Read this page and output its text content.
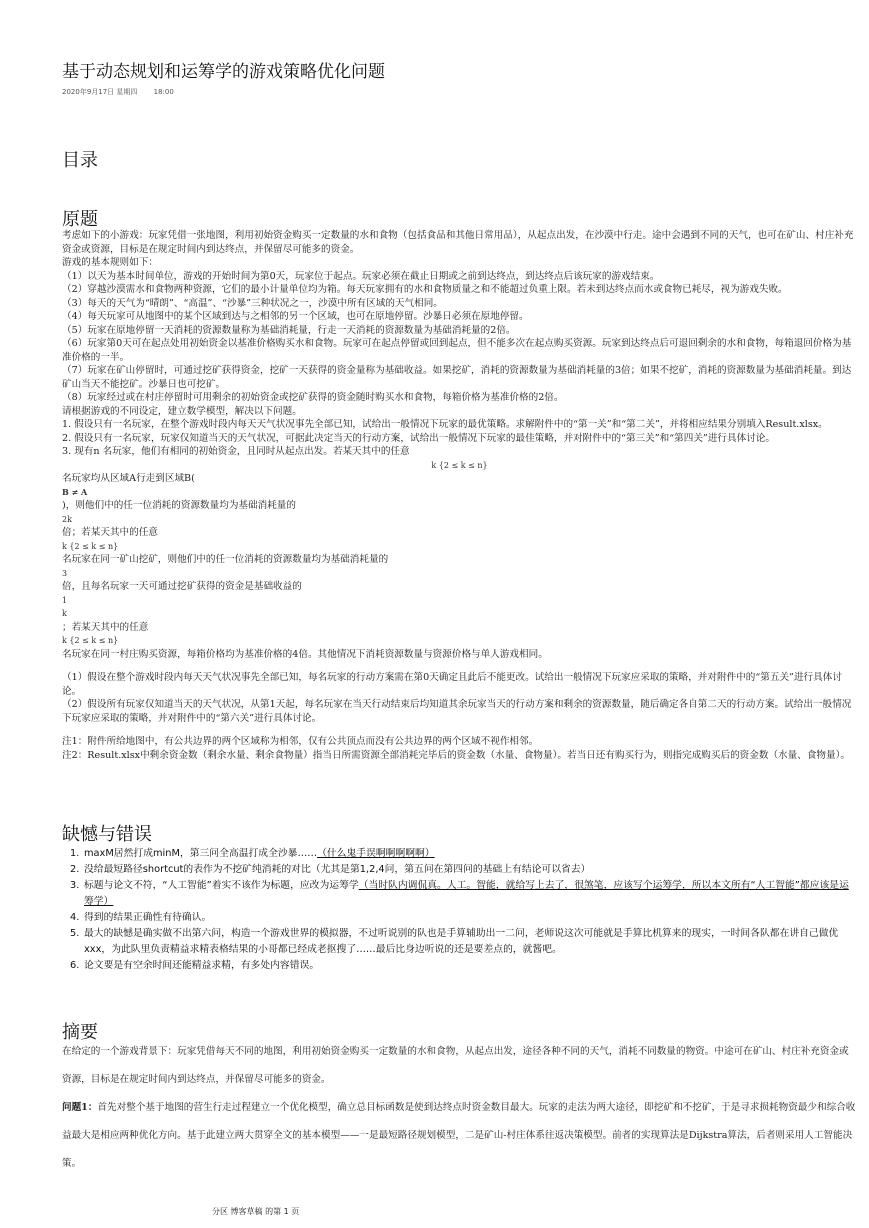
基于动态规划和运筹学的游戏策略优化问题
2020年9月17日 星期四 18:00
目录
原题

考虑如下的小游戏：玩家凭借一张地图，利用初始资金购买一定数量的水和食物（包括食品和其他日常用品），从起点出发，在沙漠中行走。途中会遇到不同的天气，也可在矿山、村庄补充资金或资源，目标是在规定时间内到达终点，并保留尽可能多的资金。

游戏的基本规则如下：

（1）以天为基本时间单位，游戏的开始时间为第0天，玩家位于起点。玩家必须在截止日期或之前到达终点，到达终点后该玩家的游戏结束。

（2）穿越沙漠需水和食物两种资源，它们的最小计量单位均为箱。每天玩家拥有的水和食物质量之和不能超过负重上限。若未到达终点而水或食物已耗尽，视为游戏失败。

（3）每天的天气为“晴朗”、“高温”、“沙暴”三种状况之一，沙漠中所有区域的天气相同。

（4）每天玩家可从地图中的某个区域到达与之相邻的另一个区域，也可在原地停留。沙暴日必须在原地停留。

（5）玩家在原地停留一天消耗的资源数量称为基础消耗量，行走一天消耗的资源数量为基础消耗量的2倍。

（6）玩家第0天可在起点处用初始资金以基准价格购买水和食物。玩家可在起点停留或回到起点，但不能多次在起点购买资源。玩家到达终点后可退回剩余的水和食物，每箱退回价格为基准价格的一半。

（7）玩家在矿山停留时，可通过挖矿获得资金，挖矿一天获得的资金量称为基础收益。如果挖矿，消耗的资源数量为基础消耗量的3倍；如果不挖矿，消耗的资源数量为基础消耗量。到达矿山当天不能挖矿。沙暴日也可挖矿。

（8）玩家经过或在村庄停留时可用剩余的初始资金或挖矿获得的资金随时购买水和食物，每箱价格为基准价格的2倍。

请根据游戏的不同设定，建立数学模型，解决以下问题。

1. 假设只有一名玩家，在整个游戏时段内每天天气状况事先全部已知，试给出一般情况下玩家的最优策略。求解附件中的“第一关”和“第二关”，并将相应结果分别填入Result.xlsx。

2. 假设只有一名玩家，玩家仅知道当天的天气状况，可据此决定当天的行动方案，试给出一般情况下玩家的最佳策略，并对附件中的“第三关”和“第四关”进行具体讨论。

3. 现有n 名玩家，他们有相同的初始资金，且同时从起点出发。若某天其中的任意

k {2 ≤ k ≤ n}

名玩家均从区域A行走到区域B(

B ≠ A

)，则他们中的任一位消耗的资源数量均为基础消耗量的

2k

倍；若某天其中的任意

k {2 ≤ k ≤ n}

名玩家在同一矿山挖矿，则他们中的任一位消耗的资源数量均为基础消耗量的

3

倍，且每名玩家一天可通过挖矿获得的资金是基础收益的

1

k

；若某天其中的任意

k {2 ≤ k ≤ n}

名玩家在同一村庄购买资源，每箱价格均为基准价格的4倍。其他情况下消耗资源数量与资源价格与单人游戏相同。

（1）假设在整个游戏时段内每天天气状况事先全部已知，每名玩家的行动方案需在第0天确定且此后不能更改。试给出一般情况下玩家应采取的策略，并对附件中的“第五关”进行具体讨论。

（2）假设所有玩家仅知道当天的天气状况，从第1天起，每名玩家在当天行动结束后均知道其余玩家当天的行动方案和剩余的资源数量，随后确定各自第二天的行动方案。试给出一般情况下玩家应采取的策略，并对附件中的“第六关”进行具体讨论。

注1：附件所给地图中，有公共边界的两个区域称为相邻，仅有公共顶点而没有公共边界的两个区域不视作相邻。

注2：Result.xlsx中剩余资金数（剩余水量、剩余食物量）指当日所需资源全部消耗完毕后的资金数（水量、食物量）。若当日还有购买行为，则指完成购买后的资金数（水量、食物量）。

缺憾与错误
1. maxM居然打成minM，第三问全高温打成全沙暴……（什么鬼手误啊啊啊啊啊）
2. 没给最短路径shortcut的表作为不挖矿纯消耗的对比（尤其是第1,2,4问，第五问在第四问的基础上有结论可以省去）
3. 标题与论文不符，“人工智能”着实不该作为标题，应改为运筹学（当时队内调侃真。人工。智能，就给写上去了，很煞笔，应该写个运筹学，所以本文所有“人工智能”都应该是运筹学）
4. 得到的结果正确性有待确认。
5. 最大的缺憾是确实做不出第六问，构造一个游戏世界的模拟器，不过听说别的队也是手算辅助出一二问，老师说这次可能就是手算比机算来的现实，一时间各队都在讲自己做优xxx，为此队里负责精益求精表格结果的小哥都已经成老抠搜了……最后比身边听说的还是要差点的，就酱吧。
6. 论文要是有空余时间还能精益求精，有多处内容错误。
摘要

在给定的一个游戏背景下：玩家凭借每天不同的地图，利用初始资金购买一定数量的水和食物，从起点出发，途径各种不同的天气，消耗不同数量的物资。中途可在矿山、村庄补充资金或资源，目标是在规定时间内到达终点，并保留尽可能多的资金。

问题1：首先对整个基于地图的营生行走过程建立一个优化模型，确立总目标函数是使到达终点时资金数目最大。玩家的走法为两大途径，即挖矿和不挖矿，于是寻求损耗物资最少和综合收益最大是相应两种优化方向。基于此建立两大贯穿全文的基本模型——一是最短路径规划模型，二是矿山-村庄体系往返决策模型。前者的实现算法是Dijkstra算法，后者则采用人工智能决策。

分区 博客草稿 的第 1 页
